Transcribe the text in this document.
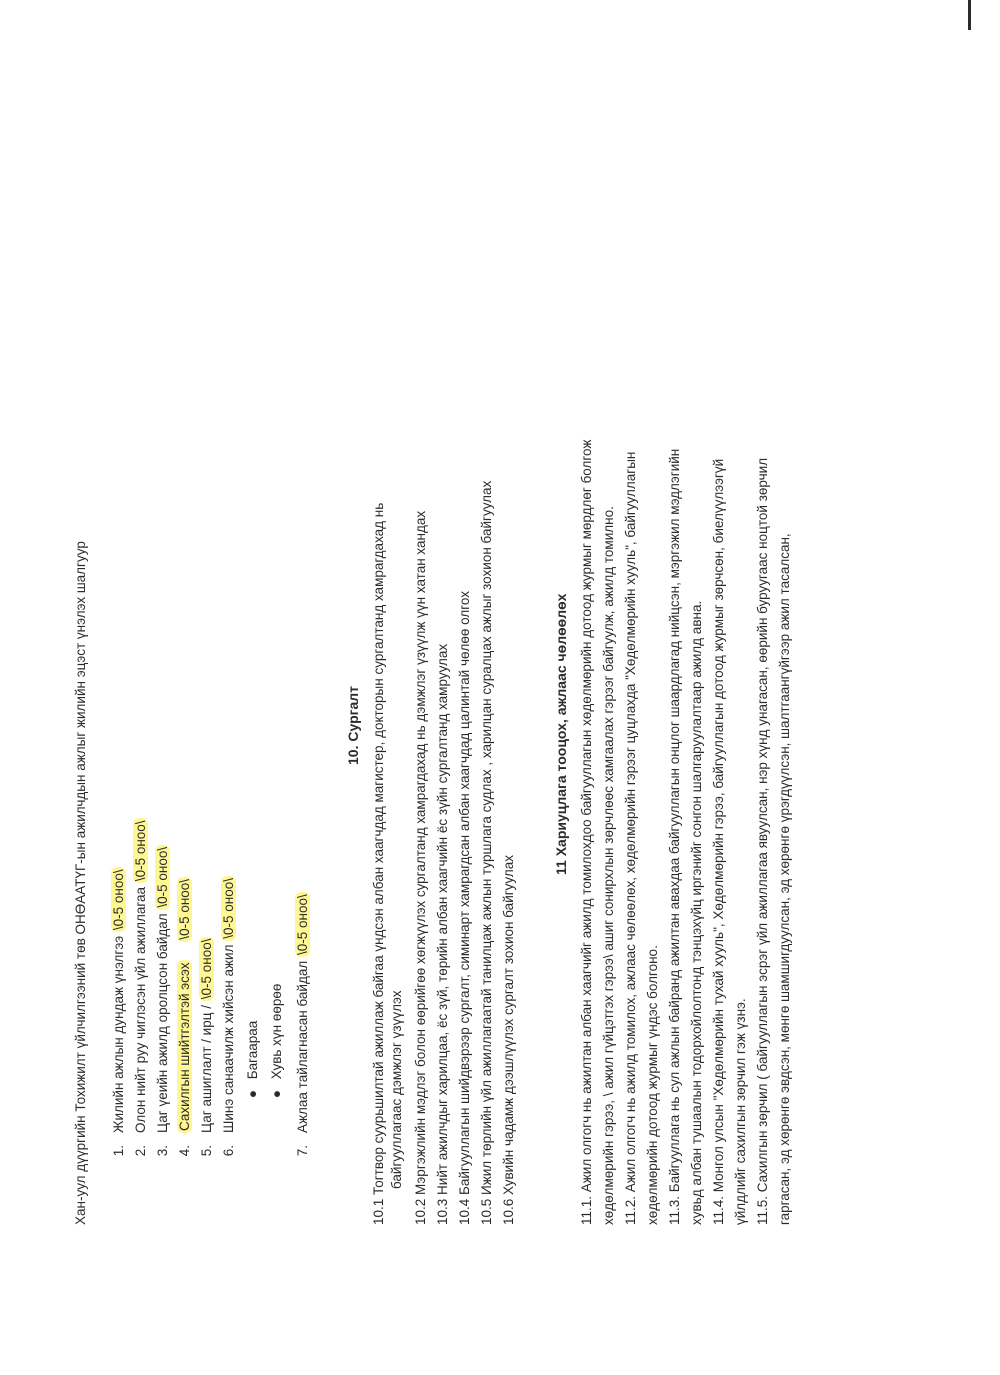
Хан-уул дүүргийн Тохижилт үйлчилгээний төв ОНӨААТҮГ-ын ажилчдын ажлыг жилийн эцэст үнэлэх шалгуур 1.Жилийн ажлын дундаж үнэлгээ \0-5 оноо\
2.Олон нийт руу чиглэсэн үйл ажиллагаа \0-5 оноо\
3.Цаг үеийн ажилд оролцсон байдал \0-5 оноо\
4.Сахилгын шийтгэлтэй эсэх     \0-5 оноо\
5.Цаг ашиглалт / ирц / \0-5 оноо\
6.Шинэ санаачилж хийсэн ажил \0-5 оноо\
● Багаараа
● Хувь хүн өөрөө
7.Ажлаа тайлагнасан байдал \0-5 оноо\
10. Сургалт 10.1 Тогтвор суурьшилтай ажиллаж байгаа үндсэн албан хаагчдад магистер, докторын сургалтанд хамрагдахад нь байгууллагаас дэмжлэг үзүүлэх 10.2 Мэргэжлийн мэдлэг болон өөрийгөө хөгжүүлэх сургалтанд хамрагдахад нь дэмжлэг үзүүлж үүн хатан хандах 10.3 Нийт ажилчдыг харилцаа, ёс зүй, төрийн албан хаагчийн ёс зүйн сургалтанд хамруулах 10.4 Байгууллагын шийдвэрээр сургалт, симинарт хамрагдсан албан хаагчдад цалинтай чөлөө олгох 10.5 Ижил төрлийн үйл ажиллагаатай танилцаж ажлын туршлага судлах , харилцан суралцах ажлыг зохион байгуулах 10.6 Хувийн чадамж дээшлүүлэх сургалт зохион байгуулах
11 Хариуцлага тооцох, ажлаас чөлөөлөх 11.1. Ажил олгогч нь ажилтан албан хаагчийг ажилд томилохдоо байгууллагын хөдөлмөрийн дотоод журмыг мөрдлөг болгож хөдөлмөрийн гэрээ, \ ажил гүйцэтгэх гэрээ\ ашиг сонирхлын зөрчлөөс хамгаалах гэрээг байгуулж, ажилд томилно. 11.2. Ажил олгогч нь ажилд томилох, ажлаас чөлөөлөх, хөдөлмөрийн гэрээг цуцлахда "Хөдөлмөрийн хууль", байгууллагын хөдөлмөрийн дотоод журмыг үндэс болгоно. 11.3. Байгууллага нь сул ажлын байранд ажилтан авахдаа байгууллагын онцлог шаардлагад нийцсэн, мэргэжил мэдлэгийн хувьд албан тушаалын тодорхойлолтонд тэнцэхүйц иргэнийг сонгон шалгаруулалтаар ажилд авна. 11.4. Монгол улсын "Хөдөлмөрийн тухай хууль", Хөдөлмөрийн гэрээ, байгууллагын дотоод журмыг зөрчсөн, биелүүлээгүй үйлдлийг сахилгын зөрчил гэж үзнэ. 11.5. Сахилгын зөрчил ( байгууллагын эсрэг үйл ажиллагаа явуулсан, нэр хүнд унагасан, өөрийн буруугаас ноцтой зөрчил гаргасан, эд хөрөнгө эвдсэн, мөнгө шамшигдуулсан, эд хөрөнгө үрэгдүүлсэн, шалтгаангүйгээр ажил тасалсан,
